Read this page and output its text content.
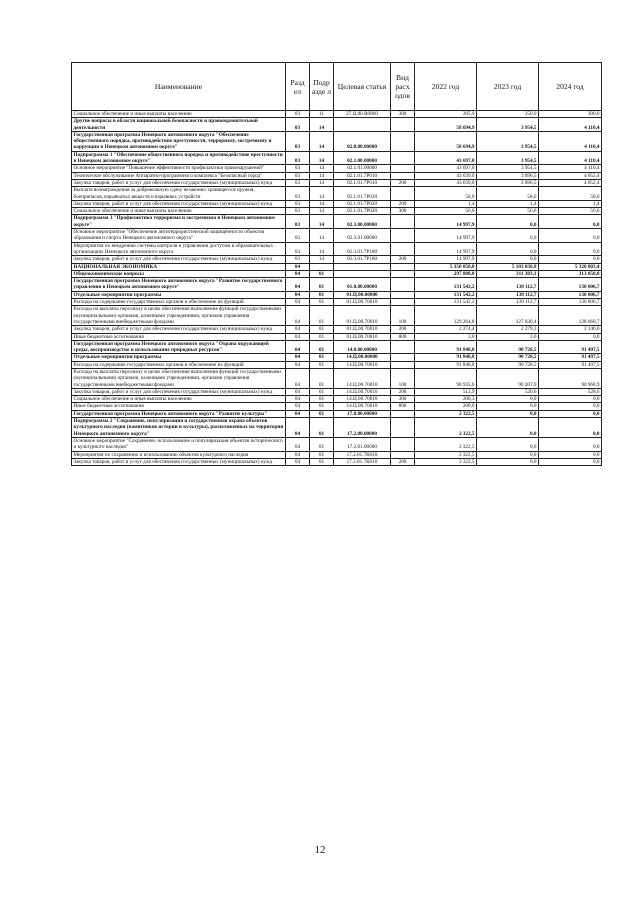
Наименование	Разд ел	Подр азде л	Целевая статья	Вид расх одов	2022 год	2023 год	2024 год
Социальное обеспечение и иные выплаты населению	03	11	27.Ц.00.R0860	300	205,9	250,0	300,0
Другие вопросы в области национальной безопасности и правоохранительной деятельности	03	14			58 694,9	3 954,5	4 110,4
Государственная программа Ненецкого автономного округа "Обеспечение общественного порядка, противодействие преступности, терроризму, экстремизму и коррупции в Ненецком автономном округе"	03	14	02.0.00.00000		58 694,9	3 954,5	4 110,4
Подпрограмма 1 "Обеспечение общественного порядка и противодействие преступности в Ненецком автономном округе"	03	14	02.1.00.00000		43 697,0	3 954,5	4 110,4
Основное мероприятие "Повышение эффективности профилактики правонарушений"	03	14	02.1.01.00000		43 697,0	3 954,5	4 110,4
Техническое обслуживание Аппаратно-программного комплекса "Безопасный город"	03	14	02.1.01.7Р010		43 639,0	3 896,5	4 052,4
Закупка товаров, работ и услуг для обеспечения государственных (муниципальных) нужд	03	14	02.1.01.7Р010	200	43 639,0	3 896,5	4 052,4
Выплата вознаграждения за добровольную сдачу незаконно хранящегося оружия, боеприпасов, взрывчатых веществ и взрывных устройств	03	14	02.1.01.7Р020		58,0	58,0	58,0
Закупка товаров, работ и услуг для обеспечения государственных (муниципальных) нужд	03	14	02.1.01.7Р020	200	1,4	1,4	1,4
Социальное обеспечение и иные выплаты населению	03	14	02.1.01.7Р020	300	56,6	56,6	56,6
Подпрограмма 3 "Профилактика терроризма и экстремизма в Ненецком автономном округе"	03	14	02.3.00.00000		14 997,9	0,0	0,0
Основное мероприятие "Обеспечение антитеррористической защищённости объектов образования и спорта Ненецкого автономного округа"	03	14	02.3.01.00000		14 997,9	0,0	0,0
Мероприятия по внедрению системы контроля и управления доступом в образовательных организациях Ненецкого автономного округа	03	14	02.3.01.7Р180		14 997,9	0,0	0,0
Закупка товаров, работ и услуг для обеспечения государственных (муниципальных) нужд	03	14	02.3.01.7Р180	200	14 997,9	0,0	0,0
НАЦИОНАЛЬНАЯ ЭКОНОМИКА	04				5 350 056,8	5 103 038,8	5 320 803,4
Общеэкономические вопросы	04	01			297 808,0	311 383,1	313 050,0
Государственная программа Ненецкого автономного округа "Развитие государственного управления в Ненецком автономном округе"	04	01	01.0.00.00000		131 542,2	130 112,7	130 806,7
Отдельные мероприятия программы	04	01	01.Ц.00.00000		131 542,2	130 112,7	130 806,7
Расходы на содержание государственных органов и обеспечение их функций	04	01	01.Ц.00.70010		131 542,2	130 112,7	130 806,7
Расходы на выплаты персоналу в целях обеспечения выполнения функций государственными (муниципальными) органами, казенными учреждениями, органами управления государственными внебюджетными фондами	04	01	01.Ц.00.70010	100	129 264,8	127 830,4	128 660,7
Закупка товаров, работ и услуг для обеспечения государственных (муниципальных) нужд	04	01	01.Ц.00.70010	200	2 274,4	2 279,3	2 146,0
Иные бюджетные ассигнования	04	01	01.Ц.00.70010	800	3,0	3,0	0,0
Государственная программа Ненецкого автономного округа "Охрана окружающей среды, воспроизводство и использование природных ресурсов"	04	01	14.0.00.00000		91 848,8	90 728,5	91 497,5
Отдельные мероприятия программы	04	01	14.Ц.00.00000		91 848,8	90 728,5	91 497,5
Расходы на содержание государственных органов и обеспечение их функций	04	01	14.Ц.00.70010		91 848,8	90 728,5	91 497,5
Расходы на выплаты персоналу в целях обеспечения выполнения функций государственными (муниципальными) органами, казенными учреждениями, органами управления государственными внебюджетными фондами	04	01	14.Ц.00.70010	100	90 935,6	90 207,9	90 968,9
Закупка товаров, работ и услуг для обеспечения государственных (муниципальных) нужд	04	01	14.Ц.00.70010	200	512,9	520,6	528,6
Социальное обеспечение и иные выплаты населению	04	01	14.Ц.00.70010	300	200,3	0,0	0,0
Иные бюджетные ассигнования	04	01	14.Ц.00.70010	800	200,0	0,0	0,0
Государственная программа Ненецкого автономного округа "Развитие культуры"	04	01	17.0.00.00000		2 322,5	0,0	0,0
Подпрограмма 2 "Сохранение, популяризация и государственная охрана объектов культурного наследия (памятников истории и культуры), расположенных на территории Ненецкого автономного округа"	04	01	17.2.00.00000		2 322,5	0,0	0,0
Основное мероприятие "Сохранение, использование и популяризация объектов исторического и культурного наследия"	04	01	17.2.01.00000		2 322,5	0,0	0,0
Мероприятия по сохранению и использованию объектов культурного наследия	04	01	17.2.01.7К010		2 322,5	0,0	0,0
Закупка товаров, работ и услуг для обеспечения государственных (муниципальных) нужд	04	01	17.2.01.7К010	200	2 322,5	0,0	0,0
12
